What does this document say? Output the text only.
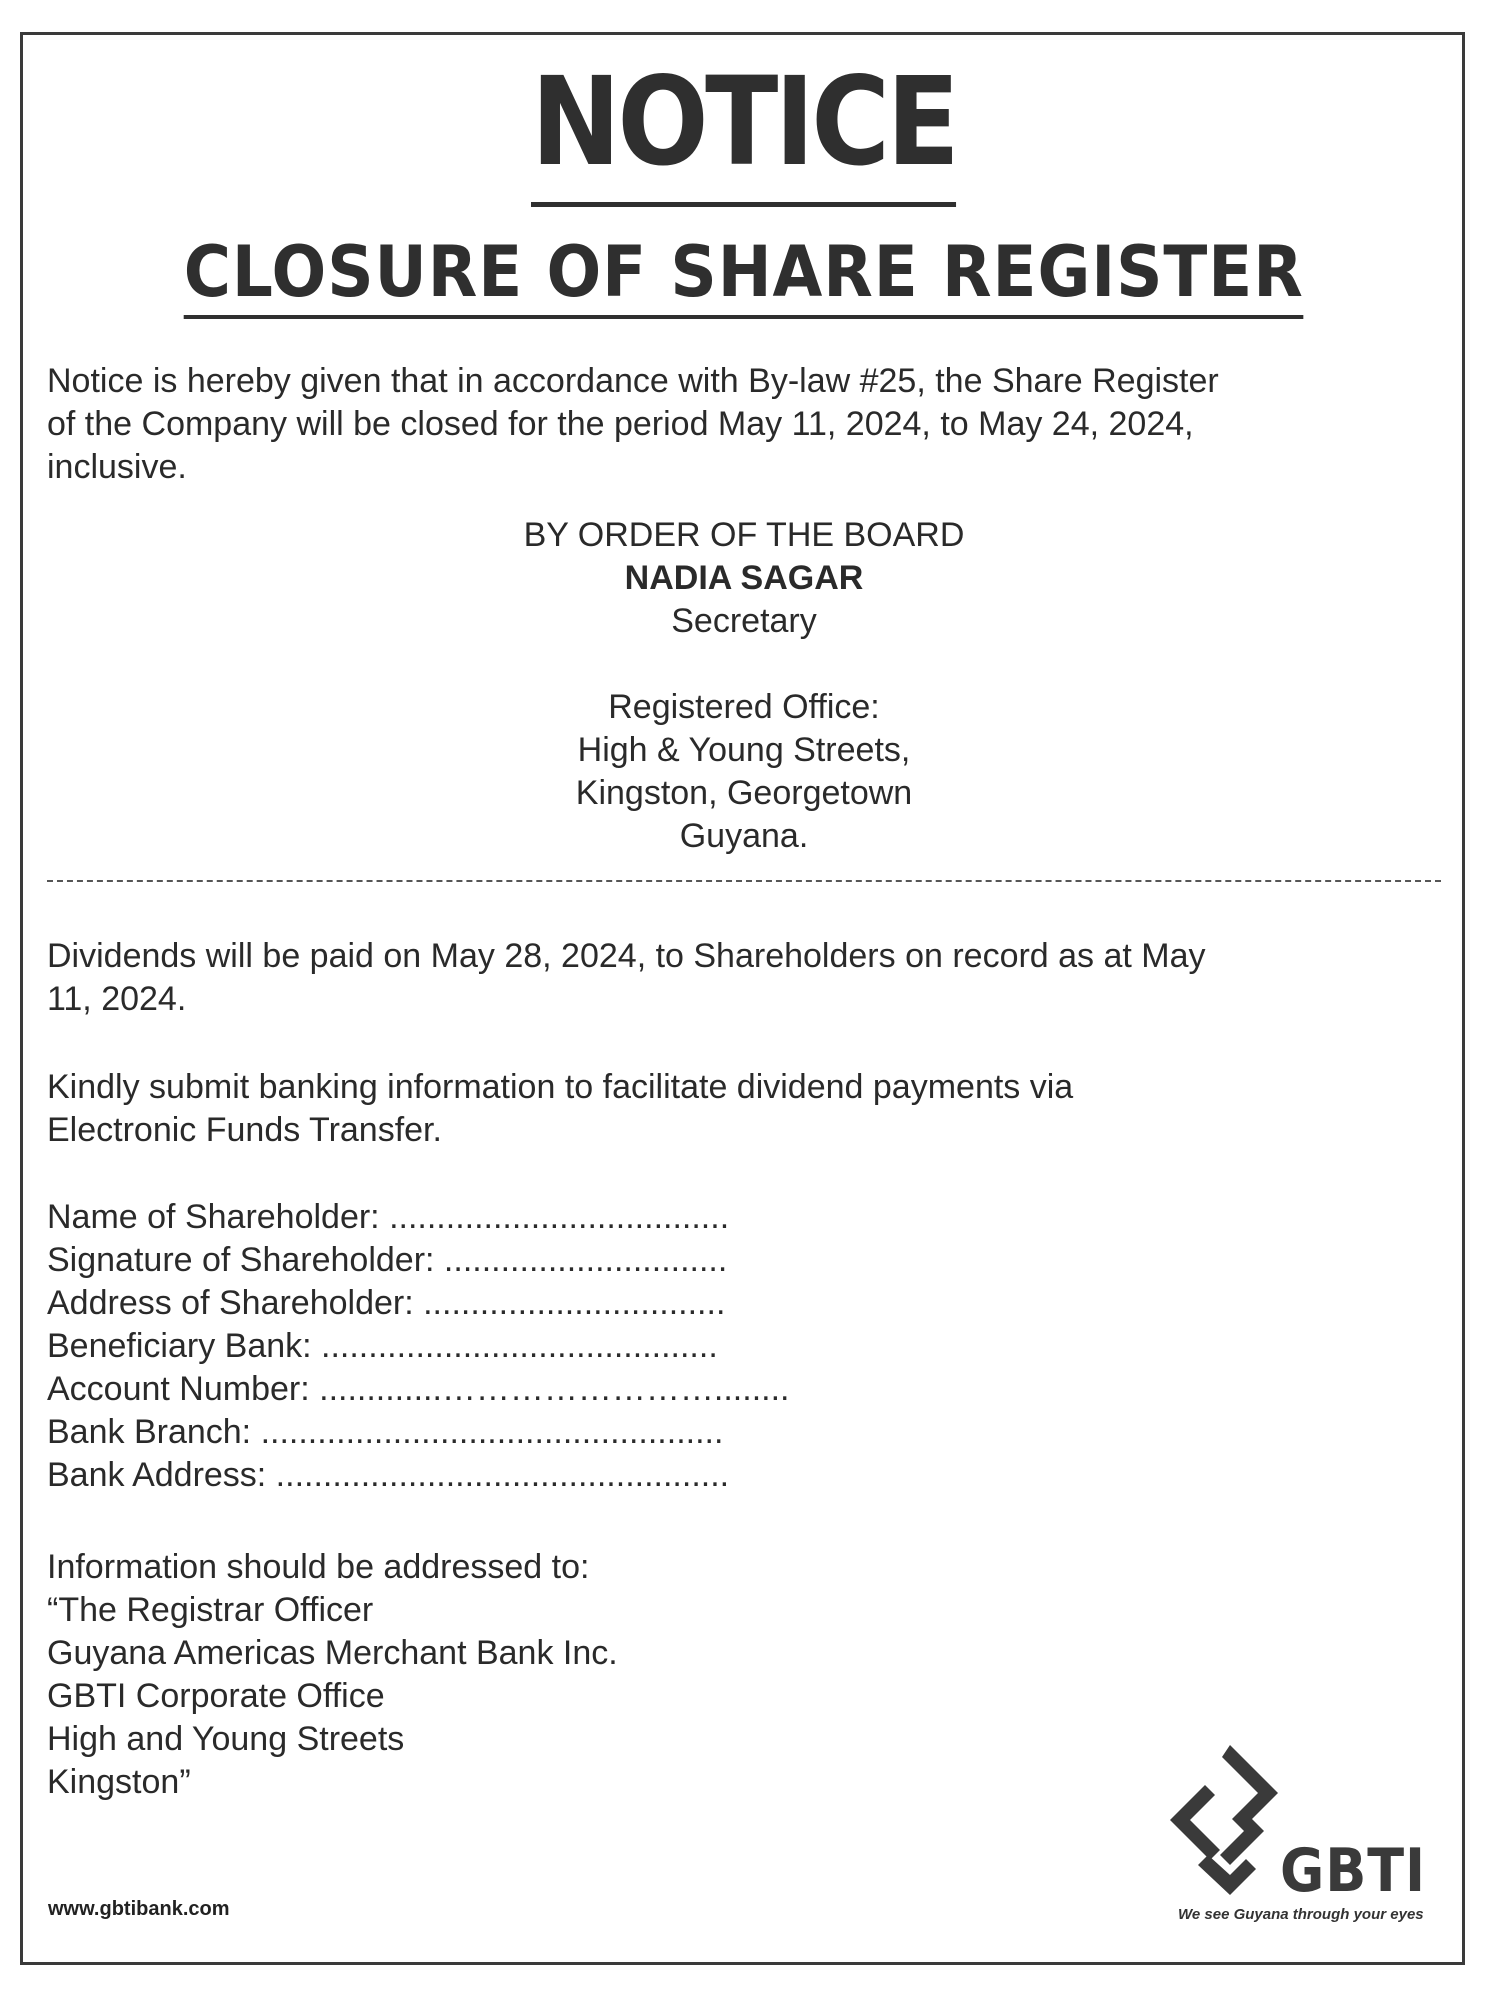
NOTICE
CLOSURE OF SHARE REGISTER
Notice is hereby given that in accordance with By-law #25, the Share Register
of the Company will be closed for the period May 11, 2024, to May 24, 2024,
inclusive.
BY ORDER OF THE BOARD
NADIA SAGAR
Secretary
Registered Office:
High & Young Streets,
Kingston, Georgetown
Guyana.
Dividends will be paid on May 28, 2024, to Shareholders on record as at May
11, 2024.
Kindly submit banking information to facilitate dividend payments via
Electronic Funds Transfer.
Name of Shareholder: ....................................
Signature of Shareholder: ..............................
Address of Shareholder: ................................
Beneficiary Bank: ..........................................
Account Number: .............……………………........
Bank Branch: .................................................
Bank Address: ................................................
Information should be addressed to:
“The Registrar Officer
Guyana Americas Merchant Bank Inc.
GBTI Corporate Office
High and Young Streets
Kingston”
www.gbtibank.com
GBTI
We see Guyana through your eyes
